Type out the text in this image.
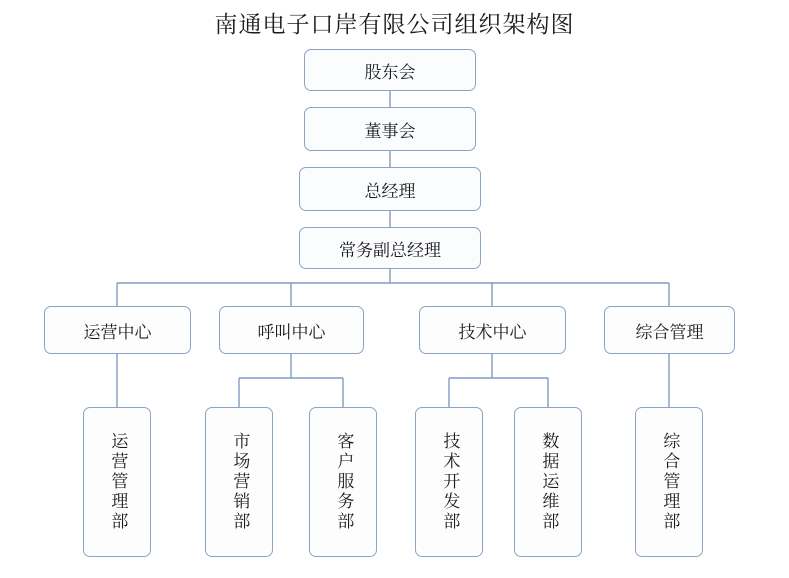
南通电子口岸有限公司组织架构图
股东会
董事会
总经理
常务副总经理
运营中心	呼叫中心	技术中心	综合管理
运营管理部	市场营销部	客户服务部	技术开发部	数据运维部	综合管理部
